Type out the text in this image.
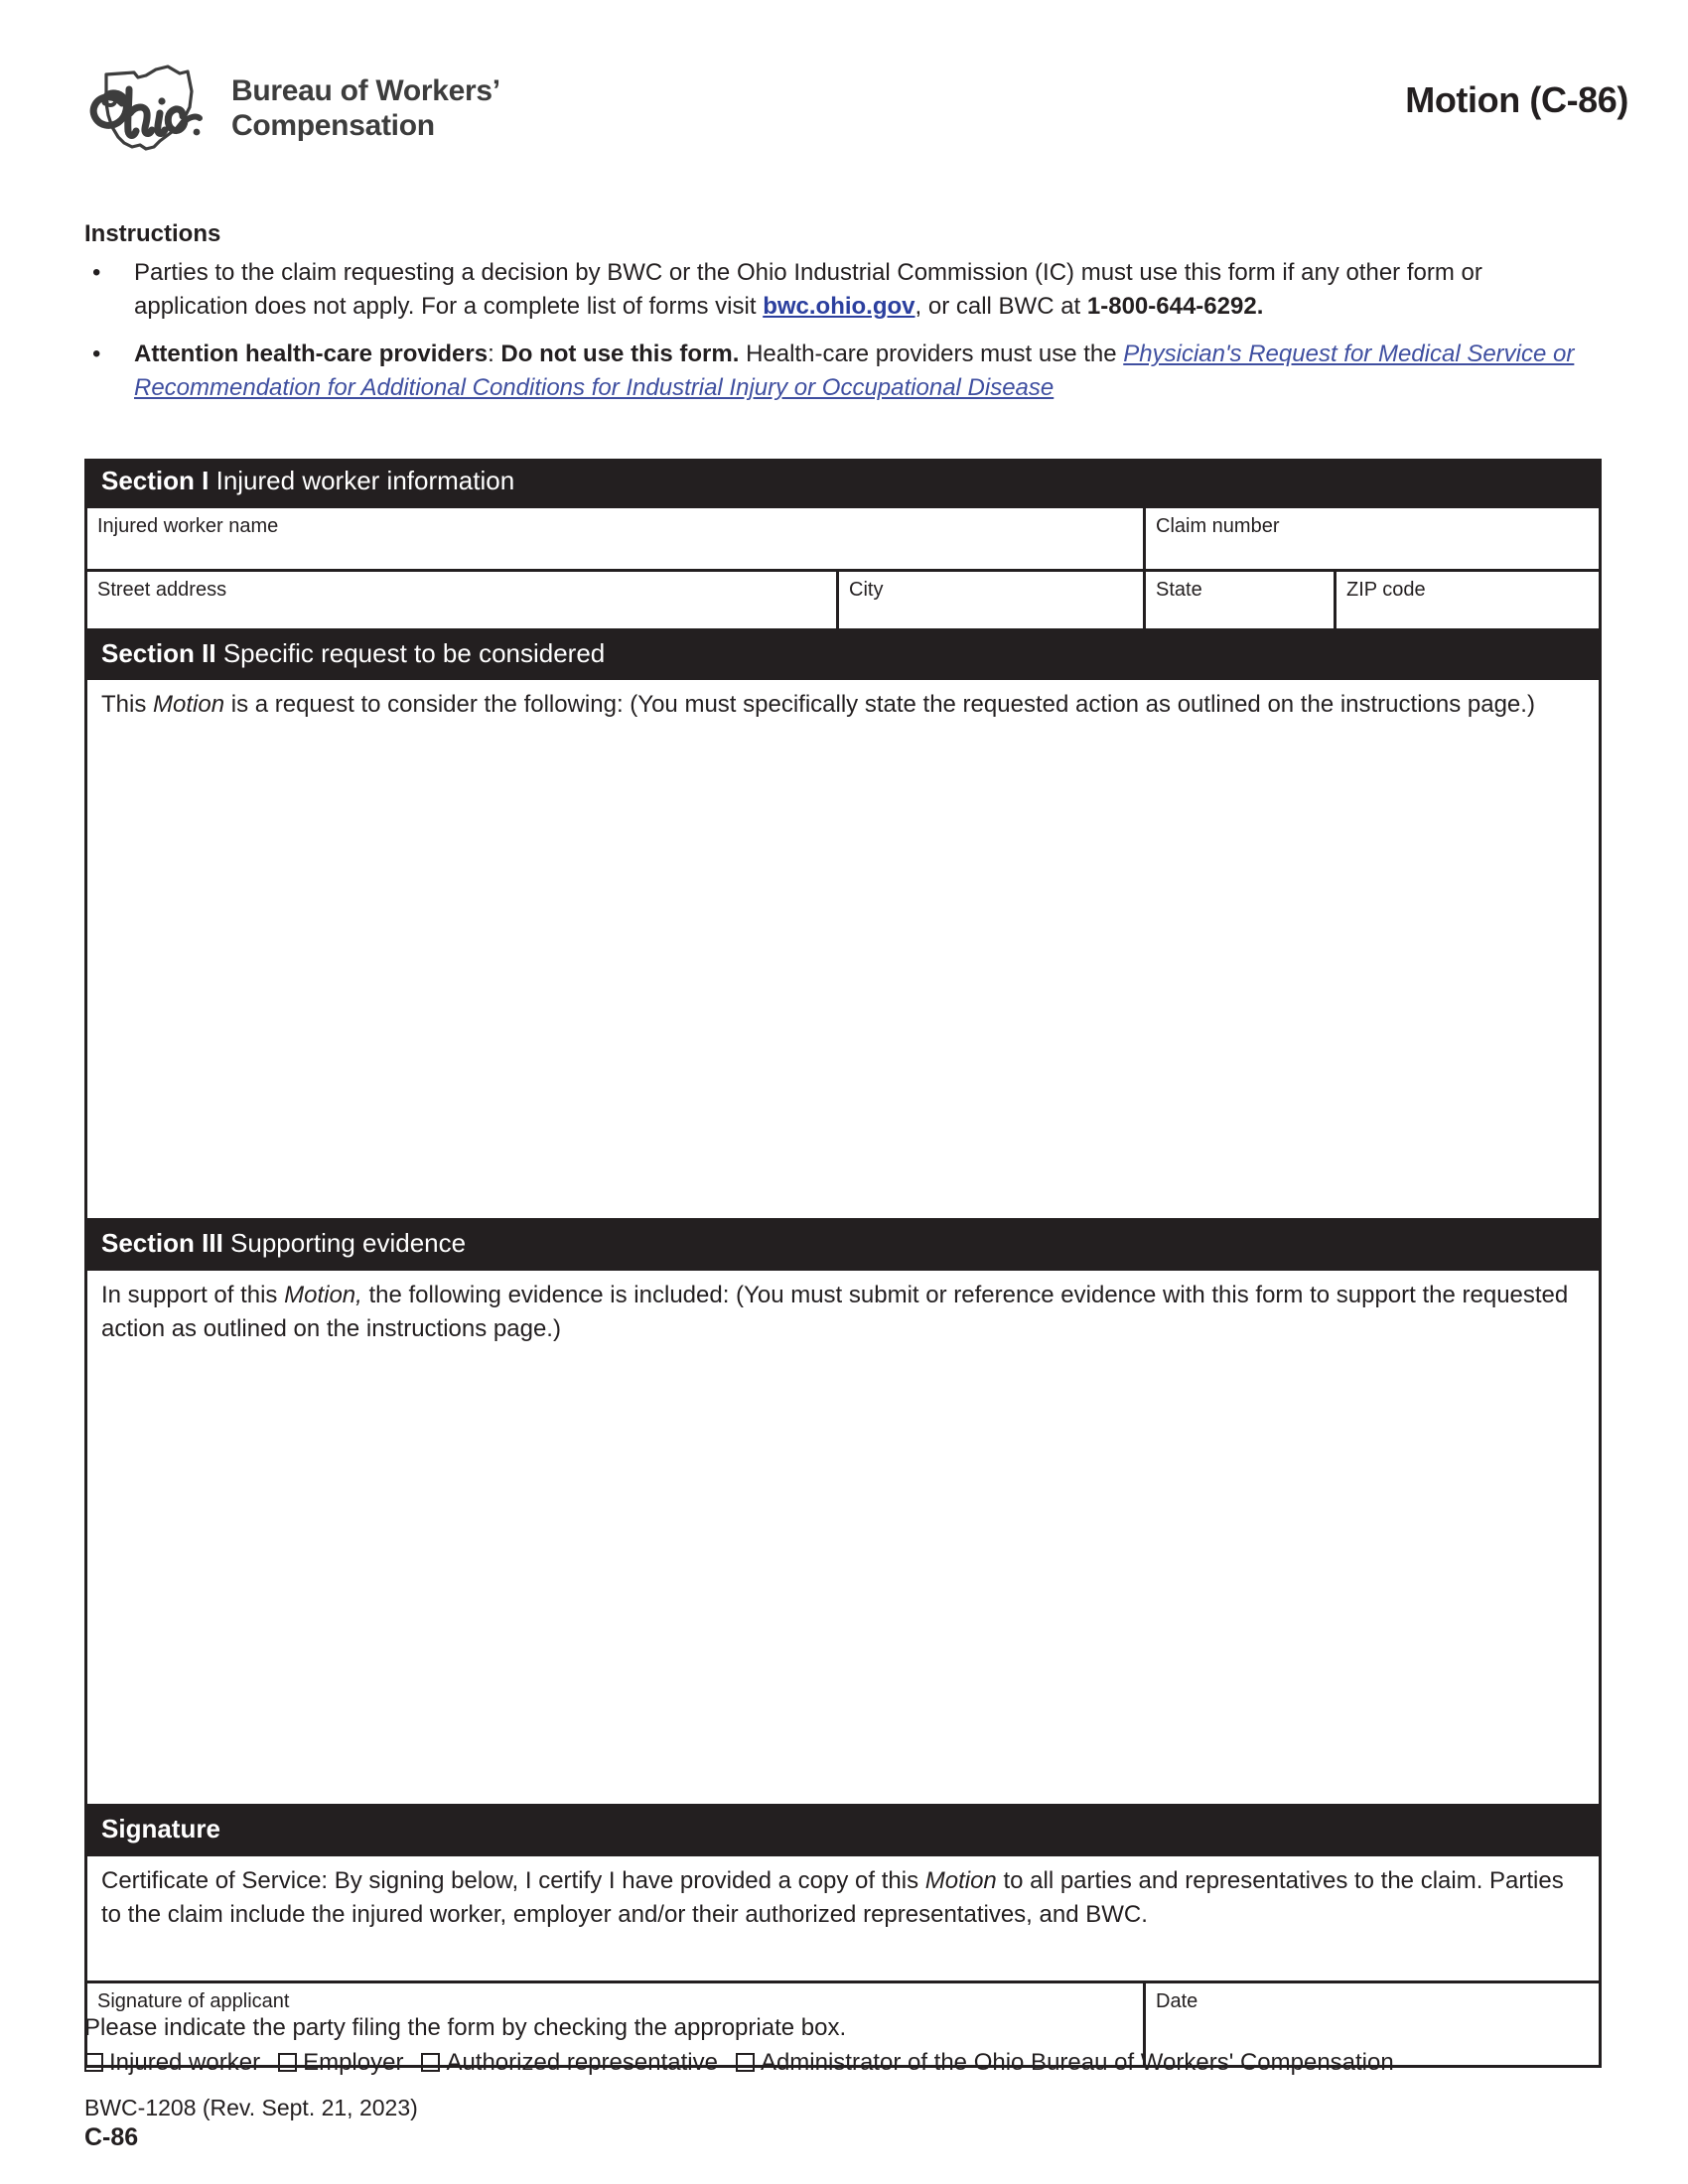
Bureau of Workers’
Compensation
Motion (C-86)
Instructions
•	Parties to the claim requesting a decision by BWC or the Ohio Industrial Commission (IC) must use this form if any other form or application does not apply. For a complete list of forms visit bwc.ohio.gov, or call BWC at 1-800-644-6292.
•	Attention health-care providers: Do not use this form. Health-care providers must use the Physician's Request for Medical Service or Recommendation for Additional Conditions for Industrial Injury or Occupational Disease
Section I Injured worker information
Injured worker name	Claim number
Street address	City	State	ZIP code
Section II Specific request to be considered
This Motion is a request to consider the following: (You must specifically state the requested action as outlined on the instructions page.)
Section III Supporting evidence
In support of this Motion, the following evidence is included: (You must submit or reference evidence with this form to support the requested action as outlined on the instructions page.)
Signature
Certificate of Service: By signing below, I certify I have provided a copy of this Motion to all parties and representatives to the claim. Parties to the claim include the injured worker, employer and/or their authorized representatives, and BWC.
Signature of applicant	Date
Please indicate the party filing the form by checking the appropriate box.
Injured worker Employer Authorized representative Administrator of the Ohio Bureau of Workers' Compensation
BWC-1208 (Rev. Sept. 21, 2023)
C-86
